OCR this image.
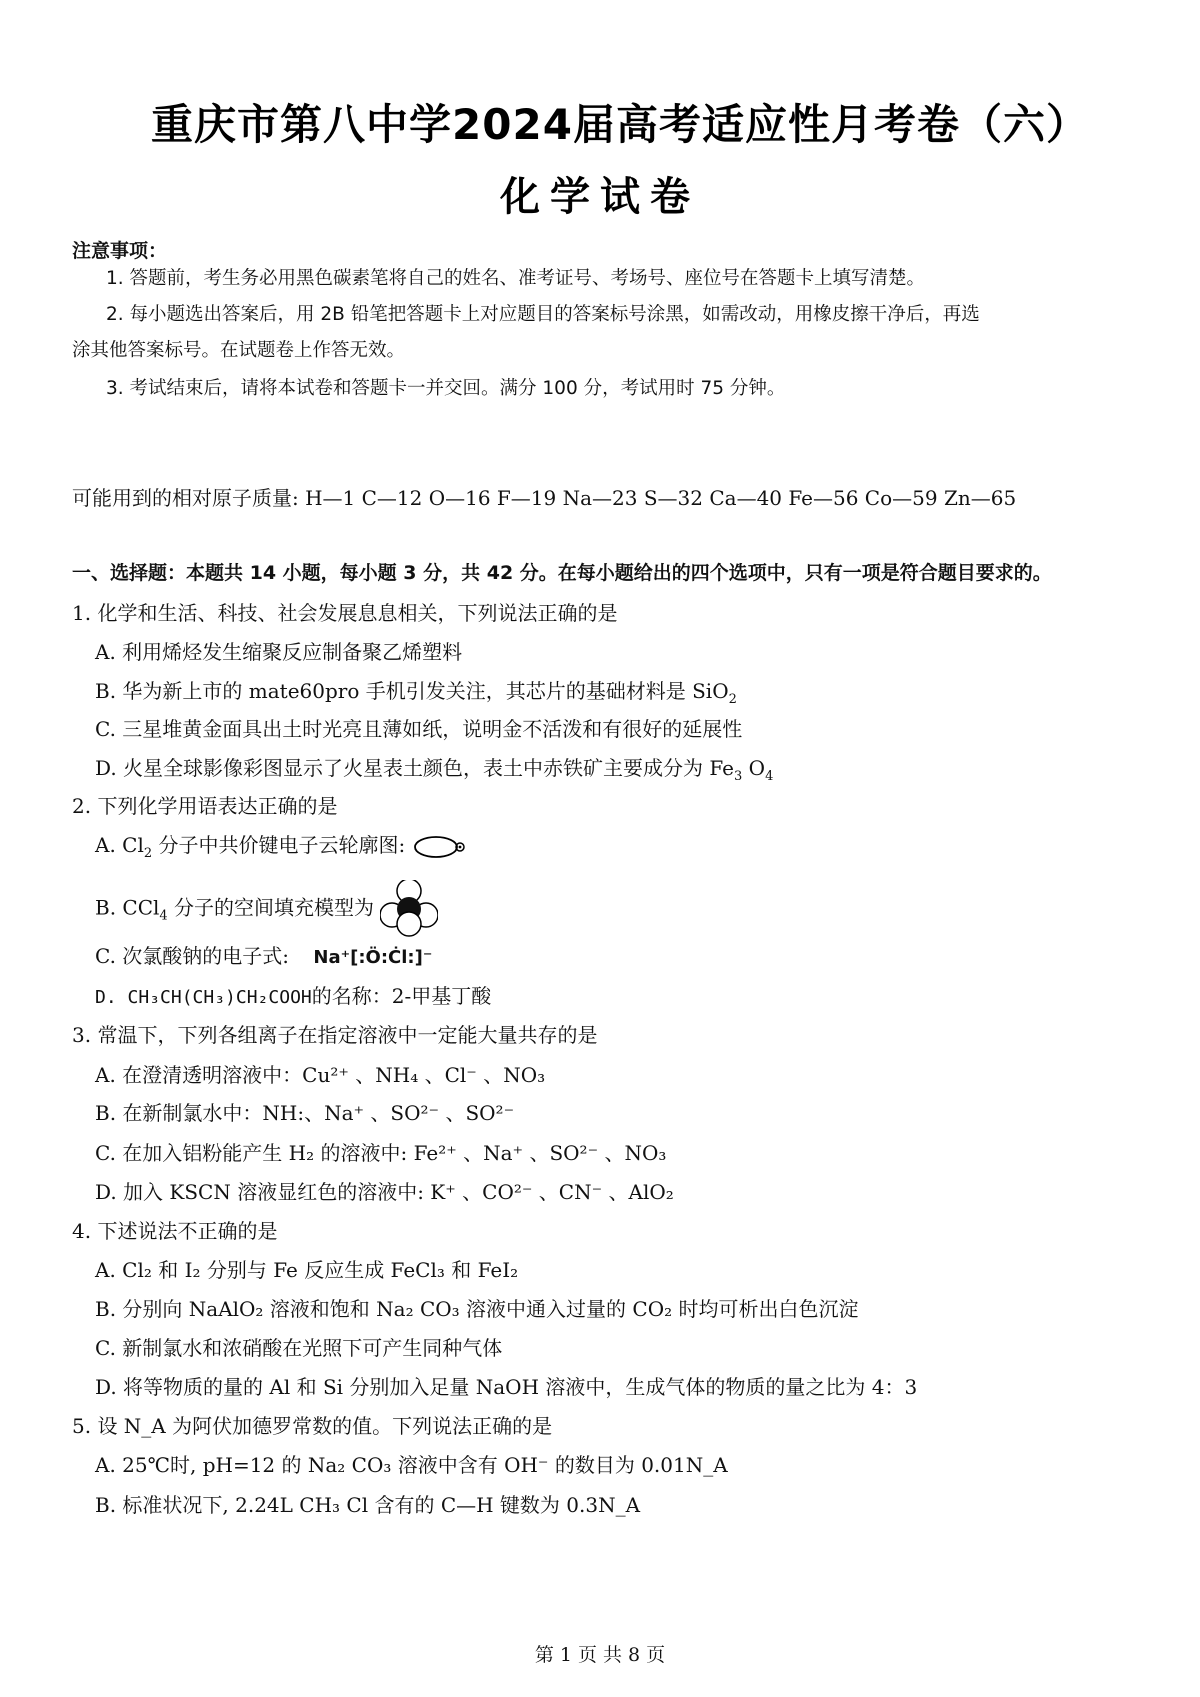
重庆市第八中学2024届高考适应性月考卷（六）
化学试卷
注意事项：
1. 答题前，考生务必用黑色碳素笔将自己的姓名、准考证号、考场号、座位号在答题卡上填写清楚。
2. 每小题选出答案后，用 2B 铅笔把答题卡上对应题目的答案标号涂黑，如需改动，用橡皮擦干净后，再选
涂其他答案标号。在试题卷上作答无效。
3. 考试结束后，请将本试卷和答题卡一并交回。满分 100 分，考试用时 75 分钟。
可能用到的相对原子质量: H—1 C—12 O—16 F—19 Na—23 S—32 Ca—40 Fe—56 Co—59 Zn—65
一、选择题：本题共 14 小题，每小题 3 分，共 42 分。在每小题给出的四个选项中，只有一项是符合题目要求的。
1. 化学和生活、科技、社会发展息息相关，下列说法正确的是
A. 利用烯烃发生缩聚反应制备聚乙烯塑料
B. 华为新上市的 mate60pro 手机引发关注，其芯片的基础材料是 SiO$_2$
C. 三星堆黄金面具出土时光亮且薄如纸，说明金不活泼和有很好的延展性
D. 火星全球影像彩图显示了火星表土颜色，表土中赤铁矿主要成分为 $Fe_3$ $O_4$
2. 下列化学用语表达正确的是
A. $Cl_2$ 分子中共价键电子云轮廓图:
B. CCl$_4$ 分子的空间填充模型为
C. 次氯酸钠的电子式: Na⁺[:Ö:Ċl:]⁻
D. CH₃CH(CH₃)CH₂COOH的名称：2-甲基丁酸
3. 常温下，下列各组离子在指定溶液中一定能大量共存的是
A. 在澄清透明溶液中：Cu²⁺ 、NH₄ 、Cl⁻ 、NO₃
B. 在新制氯水中：NH:、Na⁺ 、SO²⁻ 、SO²⁻
C. 在加入铝粉能产生 H₂ 的溶液中: Fe²⁺ 、Na⁺ 、SO²⁻ 、NO₃
D. 加入 KSCN 溶液显红色的溶液中: K⁺ 、CO²⁻ 、CN⁻ 、AlO₂
4. 下述说法不正确的是
A. Cl₂ 和 I₂ 分别与 Fe 反应生成 FeCl₃ 和 FeI₂
B. 分别向 NaAlO₂ 溶液和饱和 Na₂ CO₃ 溶液中通入过量的 CO₂ 时均可析出白色沉淀
C. 新制氯水和浓硝酸在光照下可产生同种气体
D. 将等物质的量的 Al 和 Si 分别加入足量 NaOH 溶液中，生成气体的物质的量之比为 4：3
5. 设 N_A 为阿伏加德罗常数的值。下列说法正确的是
A. 25℃时, pH=12 的 Na₂ CO₃ 溶液中含有 OH⁻ 的数目为 0.01N_A
B. 标准状况下, 2.24L CH₃ Cl 含有的 C—H 键数为 0.3N_A
第 1 页 共 8 页
